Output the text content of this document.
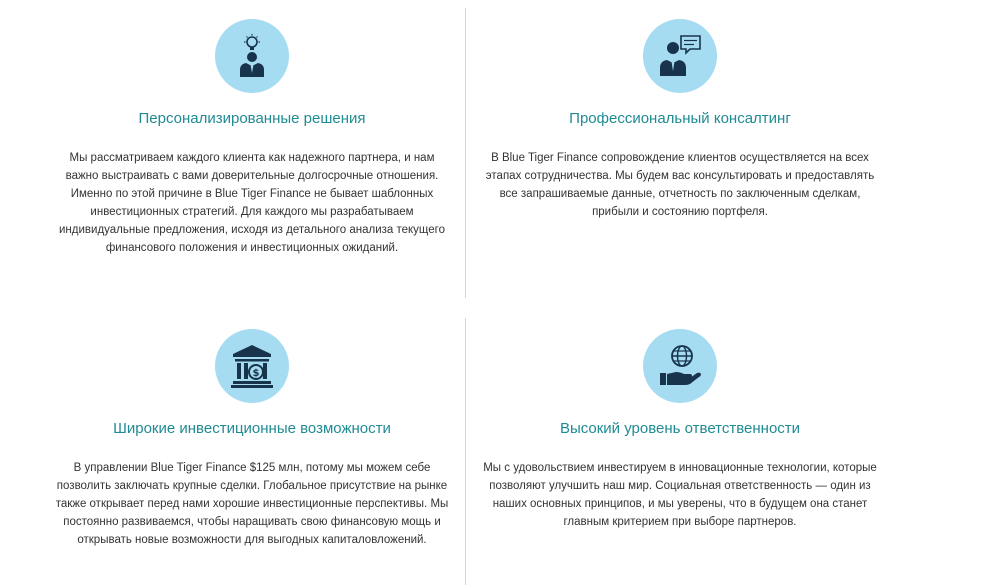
Персонализированные решения

Мы рассматриваем каждого клиента как надежного партнера, и нам важно выстраивать с вами доверительные долгосрочные отношения. Именно по этой причине в Blue Tiger Finance не бывает шаблонных инвестиционных стратегий. Для каждого мы разрабатываем индивидуальные предложения, исходя из детального анализа текущего финансового положения и инвестиционных ожиданий.

Профессиональный консалтинг

В Blue Tiger Finance сопровождение клиентов осуществляется на всех этапах сотрудничества. Мы будем вас консультировать и предоставлять все запрашиваемые данные, отчетность по заключенным сделкам, прибыли и состоянию портфеля.

$
Широкие инвестиционные возможности

В управлении Blue Tiger Finance $125 млн, потому мы можем себе позволить заключать крупные сделки. Глобальное присутствие на рынке также открывает перед нами хорошие инвестиционные перспективы. Мы постоянно развиваемся, чтобы наращивать свою финансовую мощь и открывать новые возможности для выгодных капиталовложений.

Высокий уровень ответственности

Мы с удовольствием инвестируем в инновационные технологии, которые позволяют улучшить наш мир. Социальная ответственность — один из наших основных принципов, и мы уверены, что в будущем она станет главным критерием при выборе партнеров.
